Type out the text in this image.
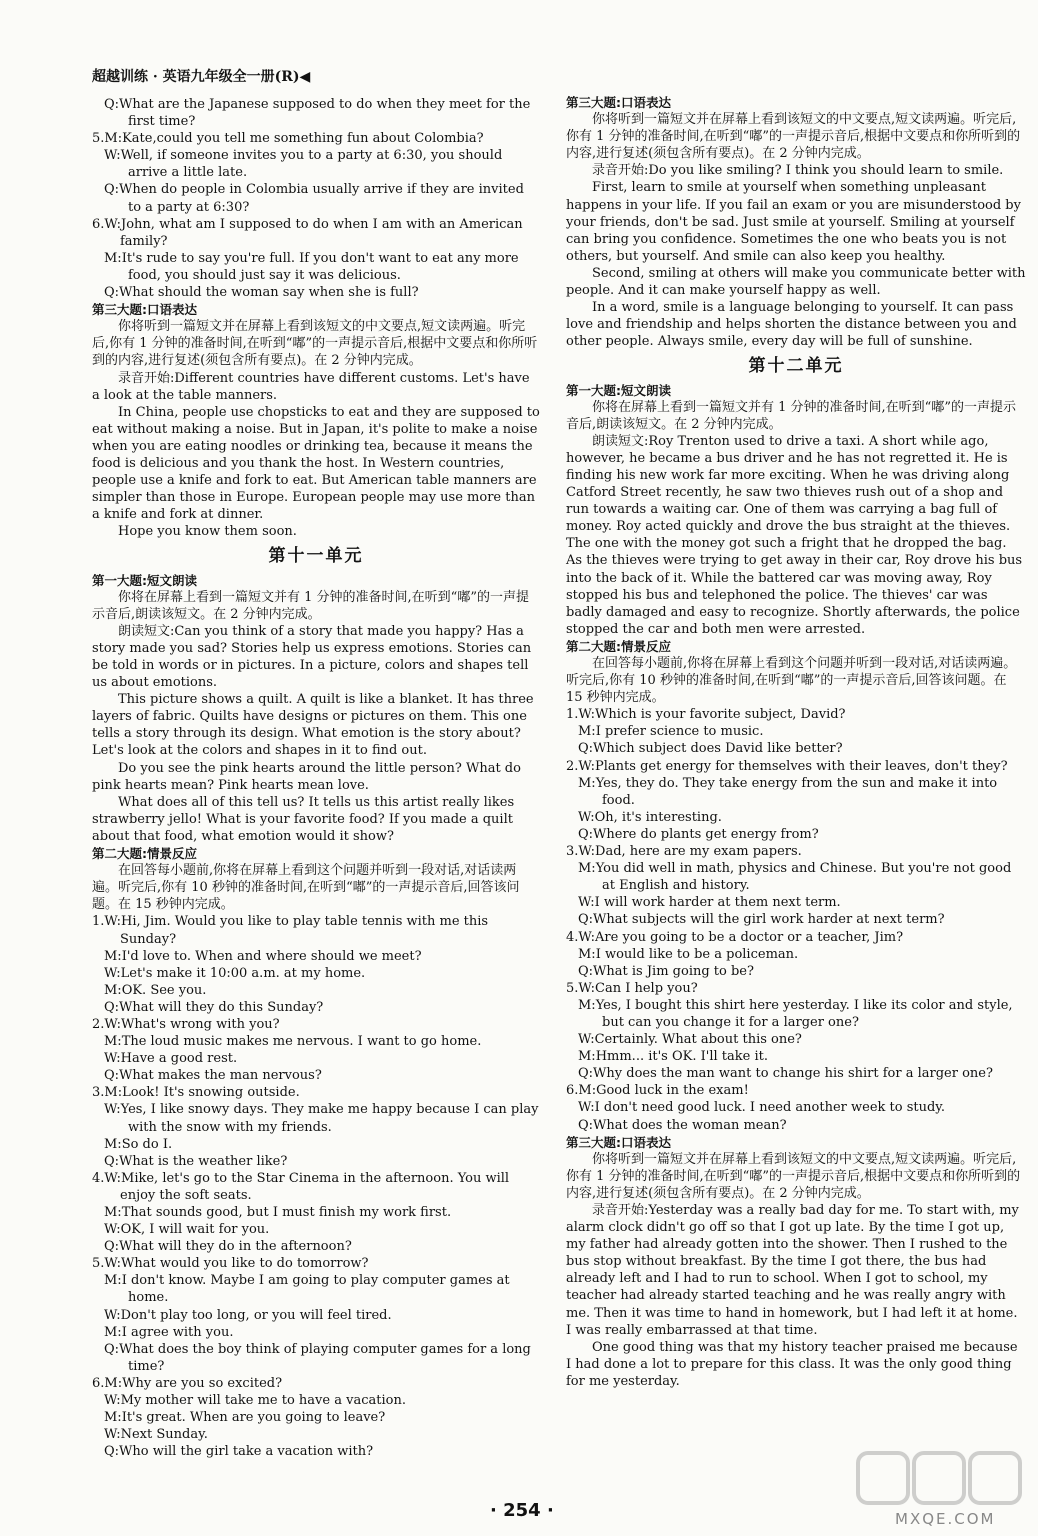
超越训练 · 英语九年级全一册(R)◀

Q:What are the Japanese supposed to do when they meet for the first time?

5.M:Kate,could you tell me something fun about Colombia?

W:Well, if someone invites you to a party at 6:30, you should arrive a little late.

Q:When do people in Colombia usually arrive if they are invited to a party at 6:30?

6.W:John, what am I supposed to do when I am with an American family?

M:It's rude to say you're full. If you don't want to eat any more food, you should just say it was delicious.

Q:What should the woman say when she is full?

第三大题:口语表达

你将听到一篇短文并在屏幕上看到该短文的中文要点,短文读两遍。听完后,你有 1 分钟的准备时间,在听到“嘟”的一声提示音后,根据中文要点和你所听到的内容,进行复述(须包含所有要点)。在 2 分钟内完成。

录音开始:Different countries have different customs. Let's have a look at the table manners.

In China, people use chopsticks to eat and they are supposed to eat without making a noise. But in Japan, it's polite to make a noise when you are eating noodles or drinking tea, because it means the food is delicious and you thank the host. In Western countries, people use a knife and fork to eat. But American table manners are simpler than those in Europe. European people may use more than a knife and fork at dinner.

Hope you know them soon.

第十一单元

第一大题:短文朗读

你将在屏幕上看到一篇短文并有 1 分钟的准备时间,在听到“嘟”的一声提示音后,朗读该短文。在 2 分钟内完成。

朗读短文:Can you think of a story that made you happy? Has a story made you sad? Stories help us express emotions. Stories can be told in words or in pictures. In a picture, colors and shapes tell us about emotions.

This picture shows a quilt. A quilt is like a blanket. It has three layers of fabric. Quilts have designs or pictures on them. This one tells a story through its design. What emotion is the story about? Let's look at the colors and shapes in it to find out.

Do you see the pink hearts around the little person? What do pink hearts mean? Pink hearts mean love.

What does all of this tell us? It tells us this artist really likes strawberry jello! What is your favorite food? If you made a quilt about that food, what emotion would it show?

第二大题:情景反应

在回答每小题前,你将在屏幕上看到这个问题并听到一段对话,对话读两遍。听完后,你有 10 秒钟的准备时间,在听到“嘟”的一声提示音后,回答该问题。在 15 秒钟内完成。

1.W:Hi, Jim. Would you like to play table tennis with me this Sunday?

M:I'd love to. When and where should we meet?

W:Let's make it 10:00 a.m. at my home.

M:OK. See you.

Q:What will they do this Sunday?

2.W:What's wrong with you?

M:The loud music makes me nervous. I want to go home.

W:Have a good rest.

Q:What makes the man nervous?

3.M:Look! It's snowing outside.

W:Yes, I like snowy days. They make me happy because I can play with the snow with my friends.

M:So do I.

Q:What is the weather like?

4.W:Mike, let's go to the Star Cinema in the afternoon. You will enjoy the soft seats.

M:That sounds good, but I must finish my work first.

W:OK, I will wait for you.

Q:What will they do in the afternoon?

5.W:What would you like to do tomorrow?

M:I don't know. Maybe I am going to play computer games at home.

W:Don't play too long, or you will feel tired.

M:I agree with you.

Q:What does the boy think of playing computer games for a long time?

6.M:Why are you so excited?

W:My mother will take me to have a vacation.

M:It's great. When are you going to leave?

W:Next Sunday.

Q:Who will the girl take a vacation with?

第三大题:口语表达

你将听到一篇短文并在屏幕上看到该短文的中文要点,短文读两遍。听完后,你有 1 分钟的准备时间,在听到“嘟”的一声提示音后,根据中文要点和你所听到的内容,进行复述(须包含所有要点)。在 2 分钟内完成。

录音开始:Do you like smiling? I think you should learn to smile.

First, learn to smile at yourself when something unpleasant happens in your life. If you fail an exam or you are misunderstood by your friends, don't be sad. Just smile at yourself. Smiling at yourself can bring you confidence. Sometimes the one who beats you is not others, but yourself. And smile can also keep you healthy.

Second, smiling at others will make you communicate better with people. And it can make yourself happy as well.

In a word, smile is a language belonging to yourself. It can pass love and friendship and helps shorten the distance between you and other people. Always smile, every day will be full of sunshine.

第十二单元

第一大题:短文朗读

你将在屏幕上看到一篇短文并有 1 分钟的准备时间,在听到“嘟”的一声提示音后,朗读该短文。在 2 分钟内完成。

朗读短文:Roy Trenton used to drive a taxi. A short while ago, however, he became a bus driver and he has not regretted it. He is finding his new work far more exciting. When he was driving along Catford Street recently, he saw two thieves rush out of a shop and run towards a waiting car. One of them was carrying a bag full of money. Roy acted quickly and drove the bus straight at the thieves. The one with the money got such a fright that he dropped the bag. As the thieves were trying to get away in their car, Roy drove his bus into the back of it. While the battered car was moving away, Roy stopped his bus and telephoned the police. The thieves' car was badly damaged and easy to recognize. Shortly afterwards, the police stopped the car and both men were arrested.

第二大题:情景反应

在回答每小题前,你将在屏幕上看到这个问题并听到一段对话,对话读两遍。听完后,你有 10 秒钟的准备时间,在听到“嘟”的一声提示音后,回答该问题。在 15 秒钟内完成。

1.W:Which is your favorite subject, David?

M:I prefer science to music.

Q:Which subject does David like better?

2.W:Plants get energy for themselves with their leaves, don't they?

M:Yes, they do. They take energy from the sun and make it into food.

W:Oh, it's interesting.

Q:Where do plants get energy from?

3.W:Dad, here are my exam papers.

M:You did well in math, physics and Chinese. But you're not good at English and history.

W:I will work harder at them next term.

Q:What subjects will the girl work harder at next term?

4.W:Are you going to be a doctor or a teacher, Jim?

M:I would like to be a policeman.

Q:What is Jim going to be?

5.W:Can I help you?

M:Yes, I bought this shirt here yesterday. I like its color and style, but can you change it for a larger one?

W:Certainly. What about this one?

M:Hmm... it's OK. I'll take it.

Q:Why does the man want to change his shirt for a larger one?

6.M:Good luck in the exam!

W:I don't need good luck. I need another week to study.

Q:What does the woman mean?

第三大题:口语表达

你将听到一篇短文并在屏幕上看到该短文的中文要点,短文读两遍。听完后,你有 1 分钟的准备时间,在听到“嘟”的一声提示音后,根据中文要点和你所听到的内容,进行复述(须包含所有要点)。在 2 分钟内完成。

录音开始:Yesterday was a really bad day for me. To start with, my alarm clock didn't go off so that I got up late. By the time I got up, my father had already gotten into the shower. Then I rushed to the bus stop without breakfast. By the time I got there, the bus had already left and I had to run to school. When I got to school, my teacher had already started teaching and he was really angry with me. Then it was time to hand in homework, but I had left it at home. I was really embarrassed at that time.

One good thing was that my history teacher praised me because I had done a lot to prepare for this class. It was the only good thing for me yesterday.

· 254 ·	MXQE.COM
